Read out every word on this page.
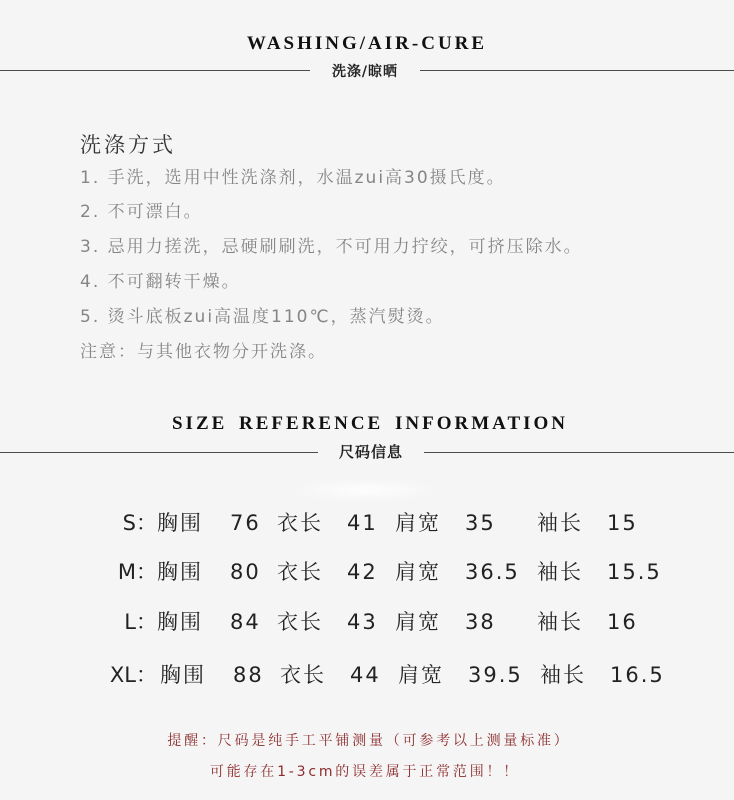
WASHING/AIR-CURE
洗涤/晾晒
洗涤方式
1. 手洗，选用中性洗涤剂，水温zui高30摄氏度。
2. 不可漂白。
3. 忌用力搓洗，忌硬刷刷洗，不可用力拧绞，可挤压除水。
4. 不可翻转干燥。
5. 烫斗底板zui高温度110℃，蒸汽熨烫。
注意：与其他衣物分开洗涤。
SIZE REFERENCE INFORMATION
尺码信息
S： 胸围 76 衣长 41 肩宽 35 袖长 15
M： 胸围 80 衣长 42 肩宽 36.5 袖长 15.5
L： 胸围 84 衣长 43 肩宽 38 袖长 16
XL： 胸围 88 衣长 44 肩宽 39.5 袖长 16.5
提醒：尺码是纯手工平铺测量（可参考以上测量标准）
可能存在1-3cm的误差属于正常范围！！
